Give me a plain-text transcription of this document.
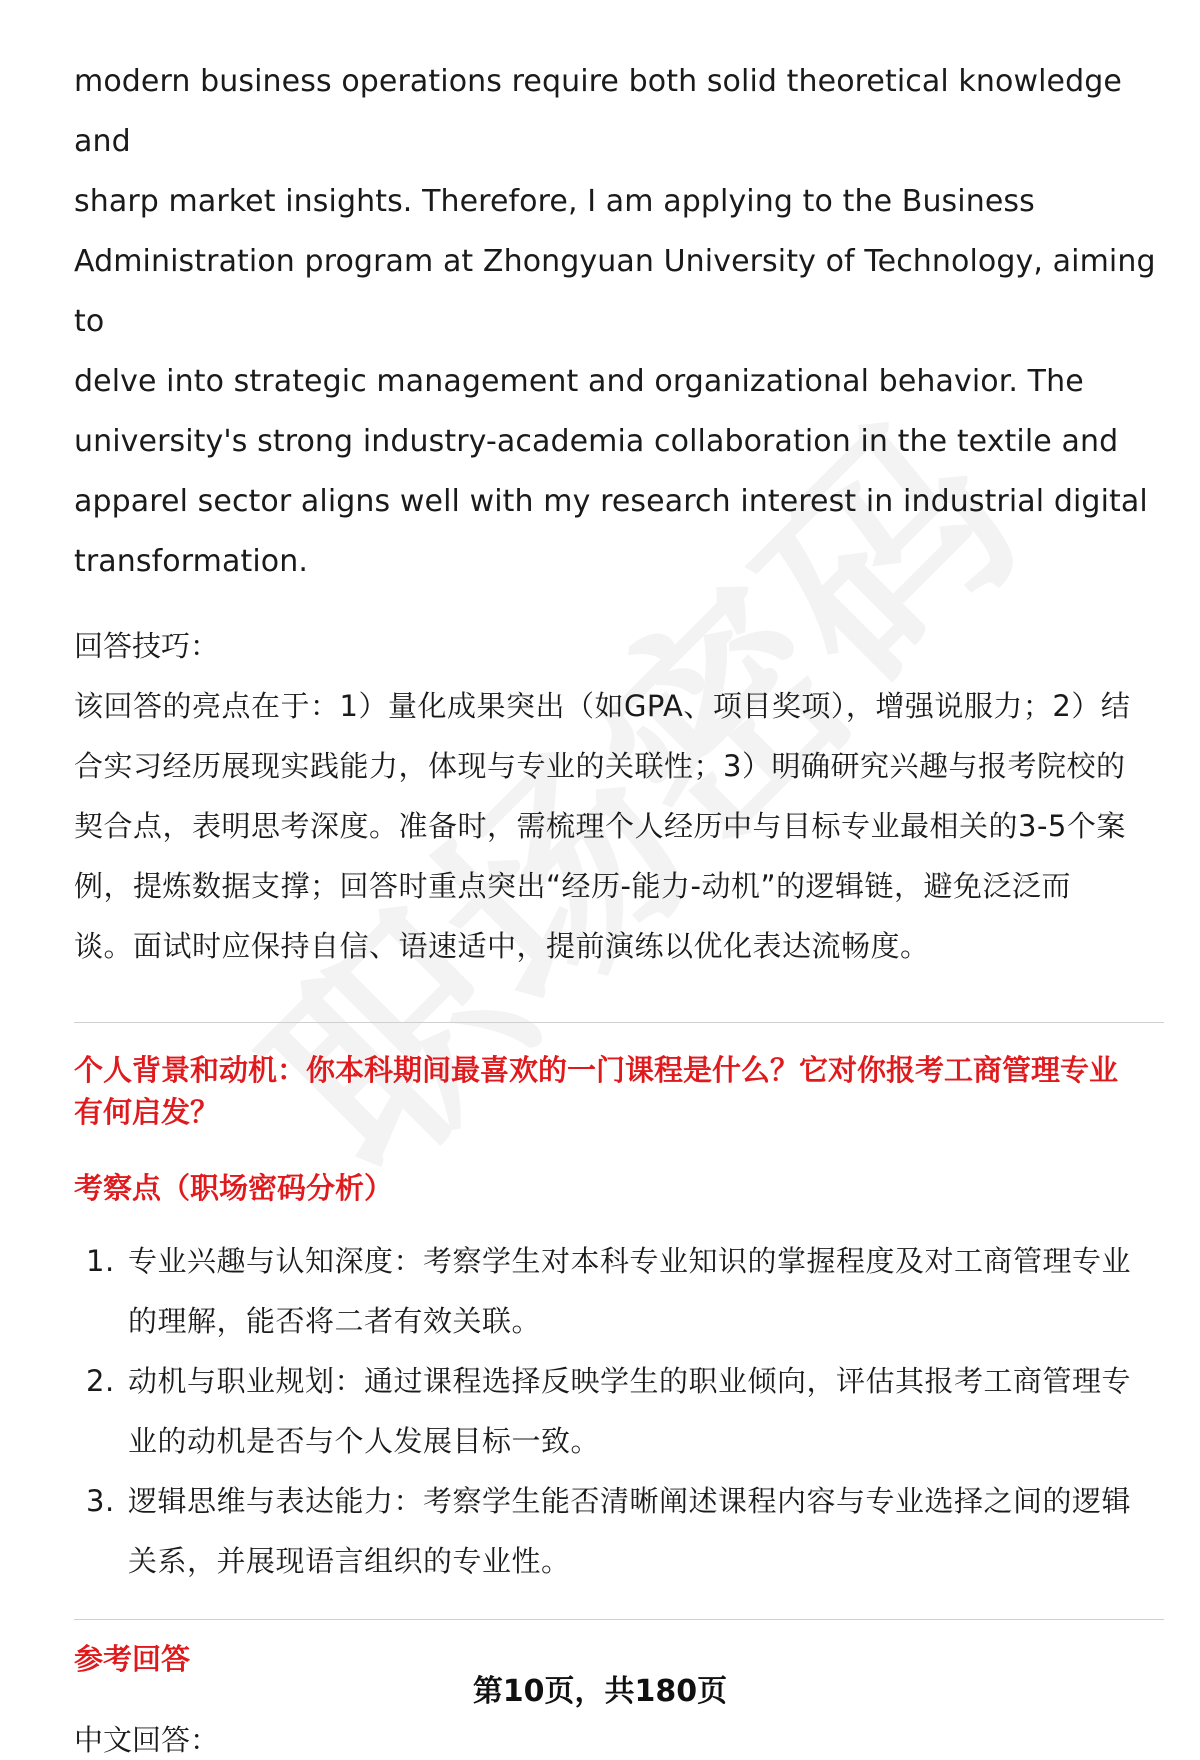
modern business operations require both solid theoretical knowledge and
sharp market insights. Therefore, I am applying to the Business
Administration program at Zhongyuan University of Technology, aiming to
delve into strategic management and organizational behavior. The
university's strong industry-academia collaboration in the textile and
apparel sector aligns well with my research interest in industrial digital
transformation.

回答技巧：

该回答的亮点在于：1）量化成果突出（如GPA、项目奖项），增强说服力；2）结
合实习经历展现实践能力，体现与专业的关联性；3）明确研究兴趣与报考院校的
契合点，表明思考深度。准备时，需梳理个人经历中与目标专业最相关的3-5个案
例，提炼数据支撑；回答时重点突出“经历-能力-动机”的逻辑链，避免泛泛而
谈。面试时应保持自信、语速适中，提前演练以优化表达流畅度。

个人背景和动机：你本科期间最喜欢的一门课程是什么？它对你报考工商管理专业
有何启发？

考察点（职场密码分析）
1. 专业兴趣与认知深度：考察学生对本科专业知识的掌握程度及对工商管理专业
的理解，能否将二者有效关联。
2. 动机与职业规划：通过课程选择反映学生的职业倾向，评估其报考工商管理专
业的动机是否与个人发展目标一致。
3. 逻辑思维与表达能力：考察学生能否清晰阐述课程内容与专业选择之间的逻辑
关系，并展现语言组织的专业性。
参考回答
中文回答：
第10页，共180页
